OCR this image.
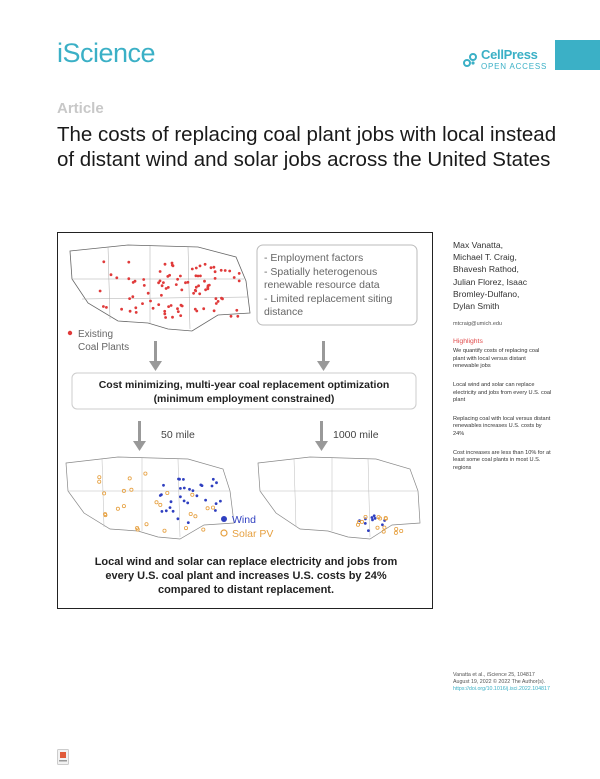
iScience	CellPress
OPEN ACCESS
Article
The costs of replacing coal plant jobs with local instead of distant wind and solar jobs across the United States
Existing
Coal Plants
- Employment factors
- Spatially heterogenous
renewable resource data
- Limited replacement siting
distance
Cost minimizing, multi-year coal replacement optimization
(minimum employment constrained)
50 mile	1000 mile
Wind
Solar PV
Local wind and solar can replace electricity and jobs from
every U.S. coal plant and increases U.S. costs by 24%
compared to distant replacement.
Max Vanatta,
Michael T. Craig,
Bhavesh Rathod,
Julian Florez, Isaac
Bromley-Dulfano,
Dylan Smith
mtcraig@umich.edu
Highlights

We quantify costs of replacing coal plant with local versus distant renewable jobs

Local wind and solar can replace electricity and jobs from every U.S. coal plant

Replacing coal with local versus distant renewables increases U.S. costs by 24%

Cost increases are less than 10% for at least some coal plants in most U.S. regions

Vanatta et al., iScience 25, 104817
August 19, 2022 © 2022 The Author(s).
https://doi.org/10.1016/j.isci.2022.104817
